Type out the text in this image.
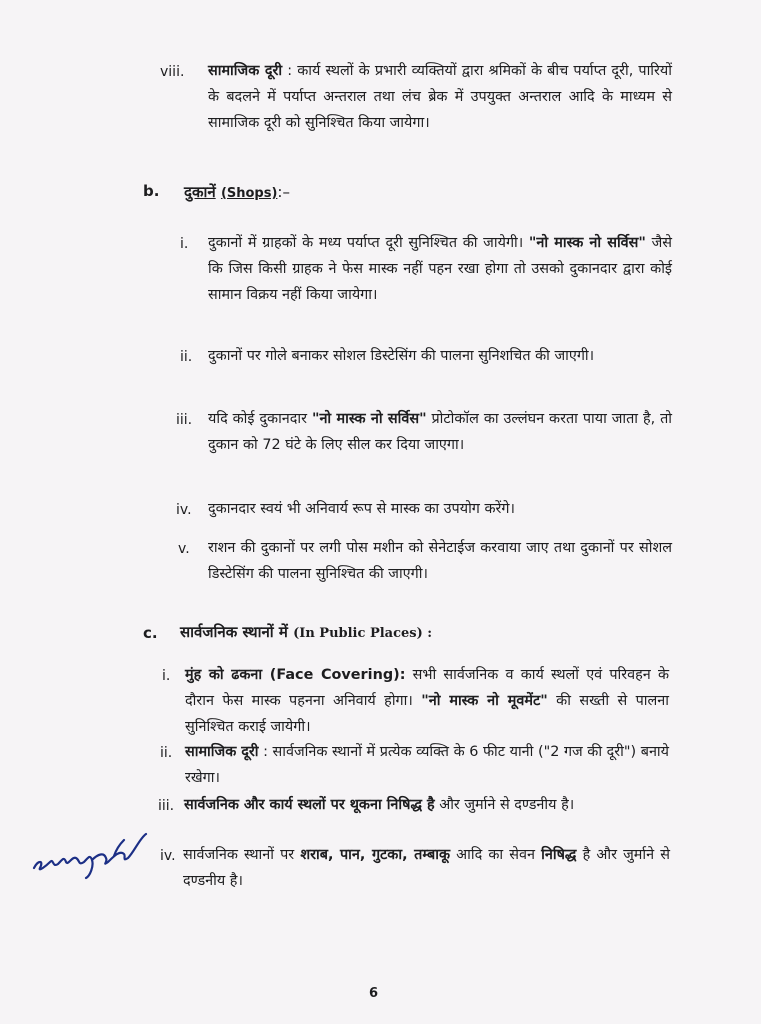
viii. सामाजिक दूरी : कार्य स्थलों के प्रभारी व्यक्तियों द्वारा श्रमिकों के बीच पर्याप्त दूरी, पारियों के बदलने में पर्याप्त अन्तराल तथा लंच ब्रेक में उपयुक्त अन्तराल आदि के माध्यम से सामाजिक दूरी को सुनिश्चित किया जायेगा।
b. दुकानें (Shops):–
i. दुकानों में ग्राहकों के मध्य पर्याप्त दूरी सुनिश्चित की जायेगी। "नो मास्क नो सर्विस" जैसे कि जिस किसी ग्राहक ने फेस मास्क नहीं पहन रखा होगा तो उसको दुकानदार द्वारा कोई सामान विक्रय नहीं किया जायेगा।
ii. दुकानों पर गोले बनाकर सोशल डिस्टेसिंग की पालना सुनिशचित की जाएगी।
iii. यदि कोई दुकानदार "नो मास्क नो सर्विस" प्रोटोकॉल का उल्लंघन करता पाया जाता है, तो दुकान को 72 घंटे के लिए सील कर दिया जाएगा।
iv. दुकानदार स्वयं भी अनिवार्य रूप से मास्क का उपयोग करेंगे।
v. राशन की दुकानों पर लगी पोस मशीन को सेनेटाईज करवाया जाए तथा दुकानों पर सोशल डिस्टेसिंग की पालना सुनिश्चित की जाएगी।
c. सार्वजनिक स्थानों में (In Public Places) :
i. मुंह को ढकना (Face Covering): सभी सार्वजनिक व कार्य स्थलों एवं परिवहन के दौरान फेस मास्क पहनना अनिवार्य होगा। "नो मास्क नो मूवमेंट" की सख्ती से पालना सुनिश्चित कराई जायेगी।
ii. सामाजिक दूरी : सार्वजनिक स्थानों में प्रत्येक व्यक्ति के 6 फीट यानी ("2 गज की दूरी") बनाये रखेगा।
iii. सार्वजनिक और कार्य स्थलों पर थूकना निषिद्ध है और जुर्माने से दण्डनीय है।
iv. सार्वजनिक स्थानों पर शराब, पान, गुटका, तम्बाकू आदि का सेवन निषिद्ध है और जुर्माने से दण्डनीय है।
6
